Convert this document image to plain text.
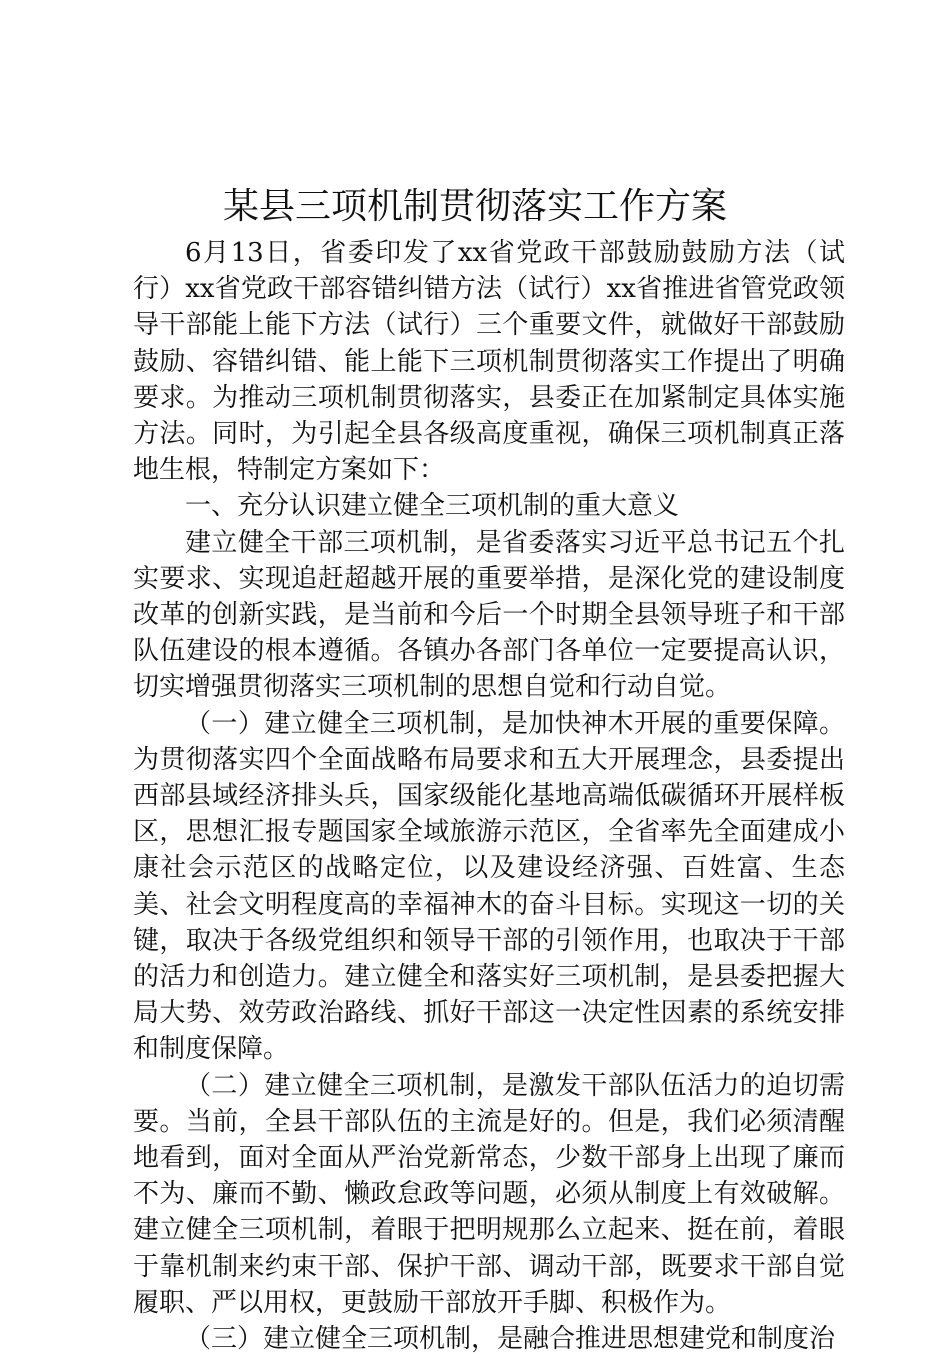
某县三项机制贯彻落实工作方案

6月13日，省委印发了xx省党政干部鼓励鼓励方法（试行）xx省党政干部容错纠错方法（试行）xx省推进省管党政领导干部能上能下方法（试行）三个重要文件，就做好干部鼓励鼓励、容错纠错、能上能下三项机制贯彻落实工作提出了明确要求。为推动三项机制贯彻落实，县委正在加紧制定具体实施方法。同时，为引起全县各级高度重视，确保三项机制真正落地生根，特制定方案如下：

一、充分认识建立健全三项机制的重大意义

建立健全干部三项机制，是省委落实习近平总书记五个扎实要求、实现追赶超越开展的重要举措，是深化党的建设制度改革的创新实践，是当前和今后一个时期全县领导班子和干部队伍建设的根本遵循。各镇办各部门各单位一定要提高认识，切实增强贯彻落实三项机制的思想自觉和行动自觉。

（一）建立健全三项机制，是加快神木开展的重要保障。为贯彻落实四个全面战略布局要求和五大开展理念，县委提出西部县域经济排头兵，国家级能化基地高端低碳循环开展样板区，思想汇报专题国家全域旅游示范区，全省率先全面建成小康社会示范区的战略定位，以及建设经济强、百姓富、生态美、社会文明程度高的幸福神木的奋斗目标。实现这一切的关键，取决于各级党组织和领导干部的引领作用，也取决于干部的活力和创造力。建立健全和落实好三项机制，是县委把握大局大势、效劳政治路线、抓好干部这一决定性因素的系统安排和制度保障。

（二）建立健全三项机制，是激发干部队伍活力的迫切需要。当前，全县干部队伍的主流是好的。但是，我们必须清醒地看到，面对全面从严治党新常态，少数干部身上出现了廉而不为、廉而不勤、懒政怠政等问题，必须从制度上有效破解。建立健全三项机制，着眼于把明规那么立起来、挺在前，着眼于靠机制来约束干部、保护干部、调动干部，既要求干部自觉履职、严以用权，更鼓励干部放开手脚、积极作为。

（三）建立健全三项机制，是融合推进思想建党和制度治
